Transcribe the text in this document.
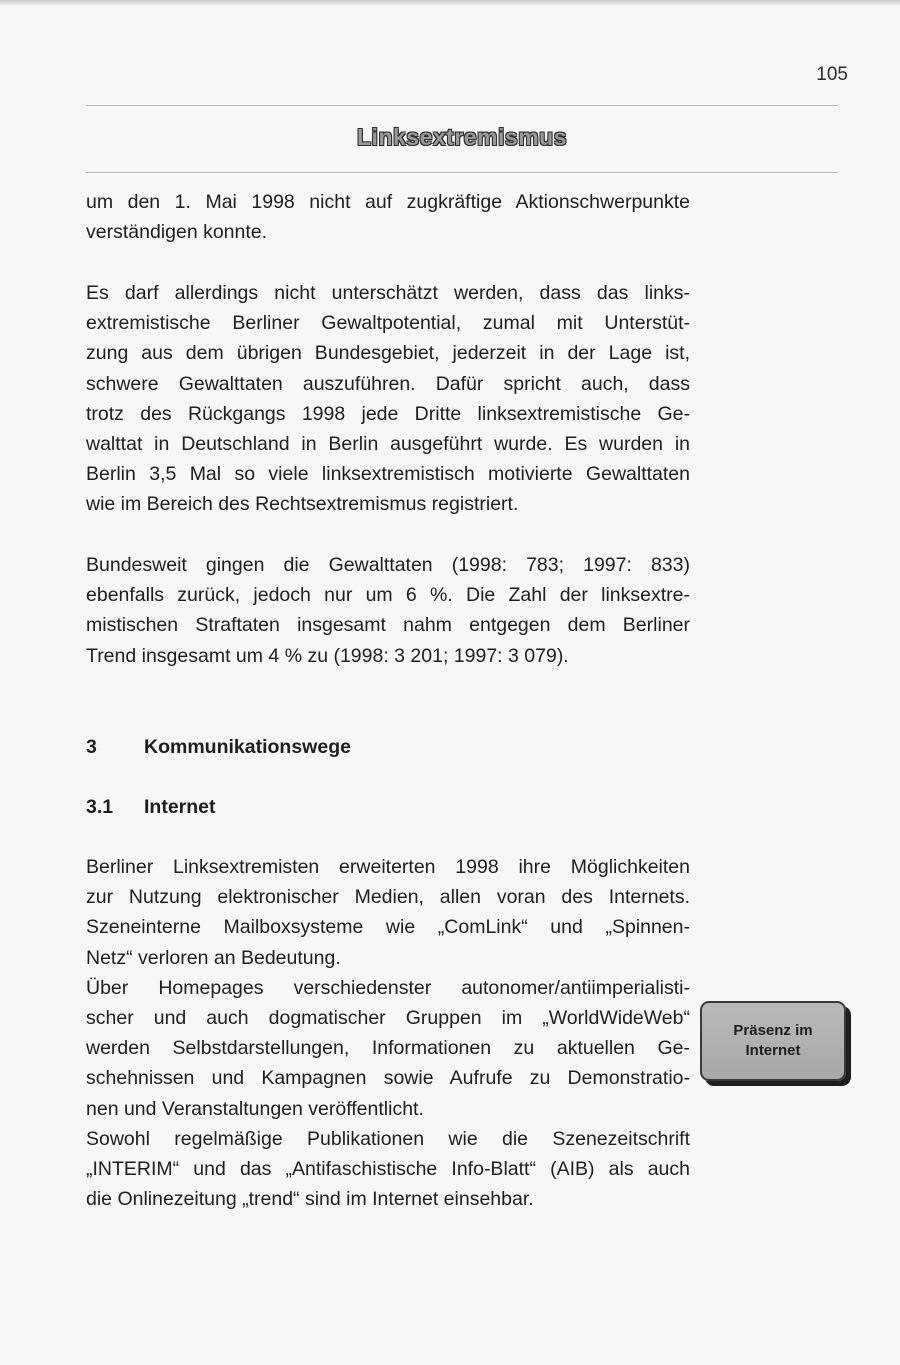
105
Linksextremismus
um den 1. Mai 1998 nicht auf zugkräftige Aktionschwerpunkte
verständigen konnte.
Es darf allerdings nicht unterschätzt werden, dass das links-
extremistische Berliner Gewaltpotential, zumal mit Unterstüt-
zung aus dem übrigen Bundesgebiet, jederzeit in der Lage ist,
schwere Gewalttaten auszuführen. Dafür spricht auch, dass
trotz des Rückgangs 1998 jede Dritte linksextremistische Ge-
walttat in Deutschland in Berlin ausgeführt wurde. Es wurden in
Berlin 3,5 Mal so viele linksextremistisch motivierte Gewalttaten
wie im Bereich des Rechtsextremismus registriert.
Bundesweit gingen die Gewalttaten (1998: 783; 1997: 833)
ebenfalls zurück, jedoch nur um 6 %. Die Zahl der linksextre-
mistischen Straftaten insgesamt nahm entgegen dem Berliner
Trend insgesamt um 4 % zu (1998: 3 201; 1997: 3 079).
3 Kommunikationswege
3.1 Internet
Berliner Linksextremisten erweiterten 1998 ihre Möglichkeiten
zur Nutzung elektronischer Medien, allen voran des Internets.
Szeneinterne Mailboxsysteme wie „ComLink“ und „Spinnen-
Netz“ verloren an Bedeutung.
Über Homepages verschiedenster autonomer/antiimperialisti-
scher und auch dogmatischer Gruppen im „WorldWideWeb“
werden Selbstdarstellungen, Informationen zu aktuellen Ge-
schehnissen und Kampagnen sowie Aufrufe zu Demonstratio-
nen und Veranstaltungen veröffentlicht.
Sowohl regelmäßige Publikationen wie die Szenezeitschrift
„INTERIM“ und das „Antifaschistische Info-Blatt“ (AIB) als auch
die Onlinezeitung „trend“ sind im Internet einsehbar.
Präsenz im
Internet
